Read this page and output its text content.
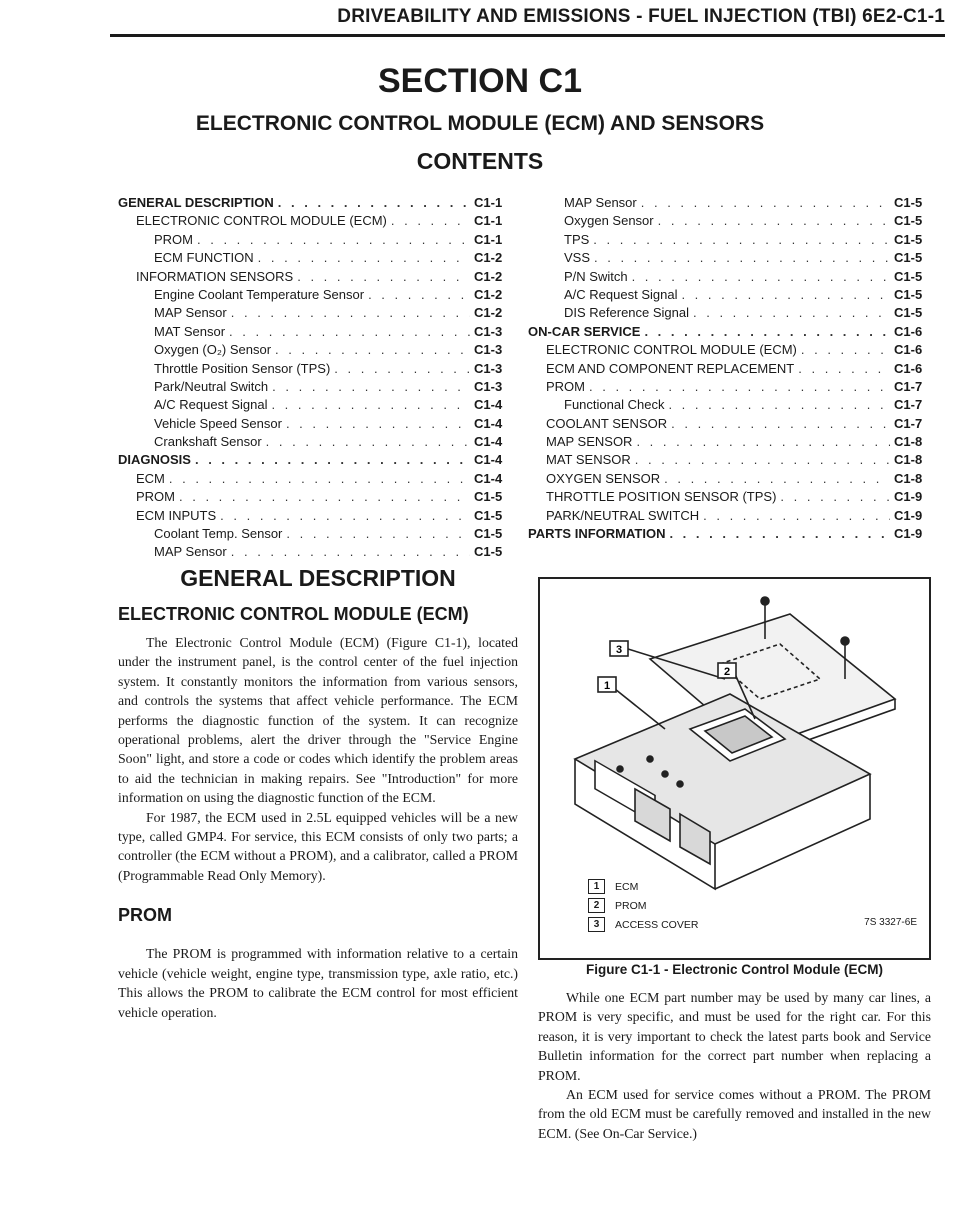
DRIVEABILITY AND EMISSIONS - FUEL INJECTION (TBI) 6E2-C1-1
SECTION C1
ELECTRONIC CONTROL MODULE (ECM) AND SENSORS
CONTENTS
GENERAL DESCRIPTION . . .	C1-1
ELECTRONIC CONTROL MODULE (ECM) . . .	C1-1
PROM . . .	C1-1
ECM FUNCTION . . .	C1-2
INFORMATION SENSORS . . .	C1-2
Engine Coolant Temperature Sensor . . .	C1-2
MAP Sensor . . .	C1-2
MAT Sensor . . .	C1-3
Oxygen (O₂) Sensor . . .	C1-3
Throttle Position Sensor (TPS) . . .	C1-3
Park/Neutral Switch . . .	C1-3
A/C Request Signal . . .	C1-4
Vehicle Speed Sensor . . .	C1-4
Crankshaft Sensor . . .	C1-4
DIAGNOSIS . . .	C1-4
ECM . . .	C1-4
PROM . . .	C1-5
ECM INPUTS . . .	C1-5
Coolant Temp. Sensor . . .	C1-5
MAP Sensor . . .	C1-5
MAP Sensor . . .	C1-5
Oxygen Sensor . . .	C1-5
TPS . . .	C1-5
VSS . . .	C1-5
P/N Switch . . .	C1-5
A/C Request Signal . . .	C1-5
DIS Reference Signal . . .	C1-5
ON-CAR SERVICE . . .	C1-6
ELECTRONIC CONTROL MODULE (ECM) . . .	C1-6
ECM AND COMPONENT REPLACEMENT . . .	C1-6
PROM . . .	C1-7
Functional Check . . .	C1-7
COOLANT SENSOR . . .	C1-7
MAP SENSOR . . .	C1-8
MAT SENSOR . . .	C1-8
OXYGEN SENSOR . . .	C1-8
THROTTLE POSITION SENSOR (TPS) . . .	C1-9
PARK/NEUTRAL SWITCH . . .	C1-9
PARTS INFORMATION . . .	C1-9
GENERAL DESCRIPTION
ELECTRONIC CONTROL MODULE (ECM)

The Electronic Control Module (ECM) (Figure C1-1), located under the instrument panel, is the control center of the fuel injection system. It constantly monitors the information from various sensors, and controls the systems that affect vehicle performance. The ECM performs the diagnostic function of the system. It can recognize operational problems, alert the driver through the "Service Engine Soon" light, and store a code or codes which identify the problem areas to aid the technician in making repairs. See "Introduction" for more information on using the diagnostic function of the ECM.

For 1987, the ECM used in 2.5L equipped vehicles will be a new type, called GMP4. For service, this ECM consists of only two parts; a controller (the ECM without a PROM), and a calibrator, called a PROM (Programmable Read Only Memory).

PROM

The PROM is programmed with information relative to a certain vehicle (vehicle weight, engine type, transmission type, axle ratio, etc.) This allows the PROM to calibrate the ECM control for most efficient vehicle operation.

3
2
1
1	ECM
2	PROM
3	ACCESS COVER	7S 3327-6E
Figure C1-1 - Electronic Control Module (ECM)

While one ECM part number may be used by many car lines, a PROM is very specific, and must be used for the right car. For this reason, it is very important to check the latest parts book and Service Bulletin information for the correct part number when replacing a PROM.

An ECM used for service comes without a PROM. The PROM from the old ECM must be carefully removed and installed in the new ECM. (See On-Car Service.)
